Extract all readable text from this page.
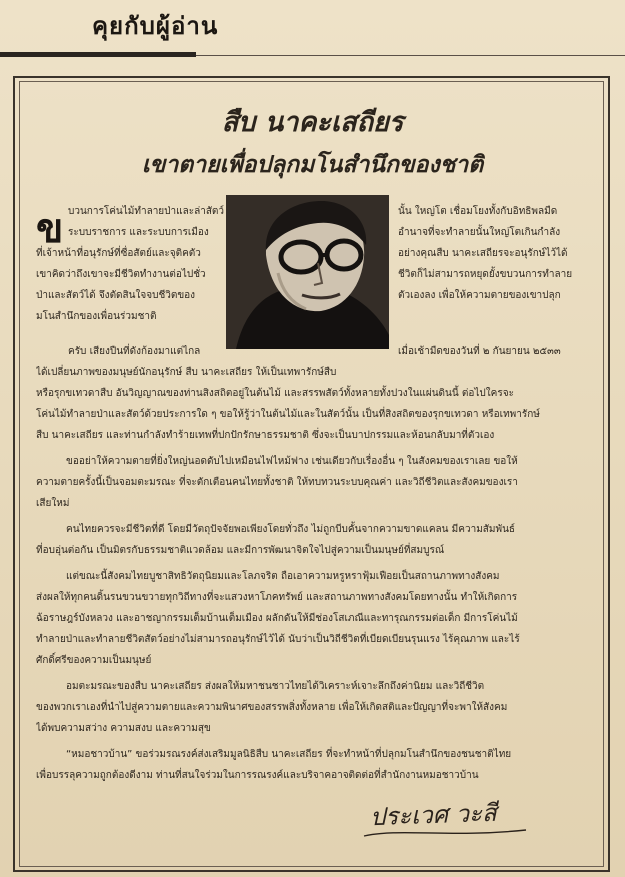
คุยกับผู้อ่าน
สืบ นาคะเสถียร
เขาตายเพื่อปลุกมโนสำนึกของชาติ
ข บวนการโค่นไม้ทำลายป่าและล่าสัตว์
ระบบราชการ และระบบการเมือง
ที่เจ้าหน้าที่อนุรักษ์ที่ซื่อสัตย์และจุติคตัว
เขาคิดว่าถึงเขาจะมีชีวิตทำงานต่อไปชั่ว
ป่าและสัตว์ได้ จึงตัดสินใจจบชีวิตของ
มโนสำนึกของเพื่อนร่วมชาติ
นั้น ใหญ่โต เชื่อมโยงทั้งกับอิทธิพลมืด
อำนาจที่จะทำลายนั้นใหญ่โตเกินกำลัง
อย่างคุณสืบ นาคะเสถียรจะอนุรักษ์ไว้ได้
ชีวิตก็ไม่สามารถหยุดยั้งขบวนการทำลาย
ตัวเองลง เพื่อให้ความตายของเขาปลุก
ครับ เสียงปืนที่ดังก้องมาแต่ไกล	เมื่อเช้ามืดของวันที่ ๒ กันยายน ๒๕๓๓
ได้เปลี่ยนภาพของมนุษย์นักอนุรักษ์ สืบ นาคะเสถียร ให้เป็นเทพารักษ์สืบ
หรือรุกขเทวดาสืบ อันวิญญาณของท่านสิงสถิตอยู่ในต้นไม้ และสรรพสัตว์ทั้งหลายทั้งปวงในแผ่นดินนี้ ต่อไปใครจะ
โค่นไม้ทำลายป่าและสัตว์ด้วยประการใด ๆ ขอให้รู้ว่าในต้นไม้และในสัตว์นั้น เป็นที่สิงสถิตของรุกขเทวดา หรือเทพารักษ์
สืบ นาคะเสถียร และท่านกำลังทำร้ายเทพที่ปกปักรักษาธรรมชาติ ซึ่งจะเป็นบาปกรรมและห้อนกลับมาที่ตัวเอง
ขออย่าให้ความตายที่ยิ่งใหญ่นอดดับไปเหมือนไฟไหม้ฟาง เช่นเดียวกับเรื่องอื่น ๆ ในสังคมของเราเลย ขอให้
ความตายครั้งนี้เป็นจอมตะมรณะ ที่จะตักเตือนคนไทยทั้งชาติ ให้ทบทวนระบบคุณค่า และวิถีชีวิตและสังคมของเรา
เสียใหม่
คนไทยควรจะมีชีวิตที่ดี โดยมีวัตถุปัจจัยพอเพียงโดยทั่วถึง ไม่ถูกบีบคั้นจากความขาดแคลน มีความสัมพันธ์
ที่อบอุ่นต่อกัน เป็นมิตรกับธรรมชาติแวดล้อม และมีการพัฒนาจิตใจไปสู่ความเป็นมนุษย์ที่สมบูรณ์
แต่ขณะนี้สังคมไทยบูชาสิทธิวัตถุนิยมและโลภจริต ถือเอาความหรูหราฟุ้มเฟือยเป็นสถานภาพทางสังคม
ส่งผลให้ทุกคนดิ้นรนขวนขวายทุกวิถีทางที่จะแสวงหาโภคทรัพย์ และสถานภาพทางสังคมโดยทางนั้น ทำให้เกิดการ
ฉ้อราษฎร์บังหลวง และอาชญากรรมเต็มบ้านเต็มเมือง ผลักดันให้มีช่องโสเภณีและทารุณกรรมต่อเด็ก มีการโค่นไม้
ทำลายป่าและทำลายชีวิตสัตว์อย่างไม่สามารถอนุรักษ์ไว้ได้ นับว่าเป็นวิถีชีวิตที่เบียดเบียนรุนแรง ไร้คุณภาพ และไร้
ศักดิ์ศรีของความเป็นมนุษย์
อมตะมรณะของสืบ นาคะเสถียร ส่งผลให้มหาชนชาวไทยได้วิเคราะห์เจาะลึกถึงค่านิยม และวิถีชีวิต
ของพวกเราเองที่นำไปสู่ความตายและความพินาศของสรรพสิ่งทั้งหลาย เพื่อให้เกิดสติและปัญญาที่จะพาให้สังคม
ได้พบความสว่าง ความสงบ และความสุข
“หมอชาวบ้าน” ขอร่วมรณรงค์ส่งเสริมมูลนิธิสืบ นาคะเสถียร ที่จะทำหน้าที่ปลุกมโนสำนึกของชนชาติไทย
เพื่อบรรลุความถูกต้องดีงาม ท่านที่สนใจร่วมในการรณรงค์และบริจาคอาจติดต่อที่สำนักงานหมอชาวบ้าน
ประเวศ วะสี
